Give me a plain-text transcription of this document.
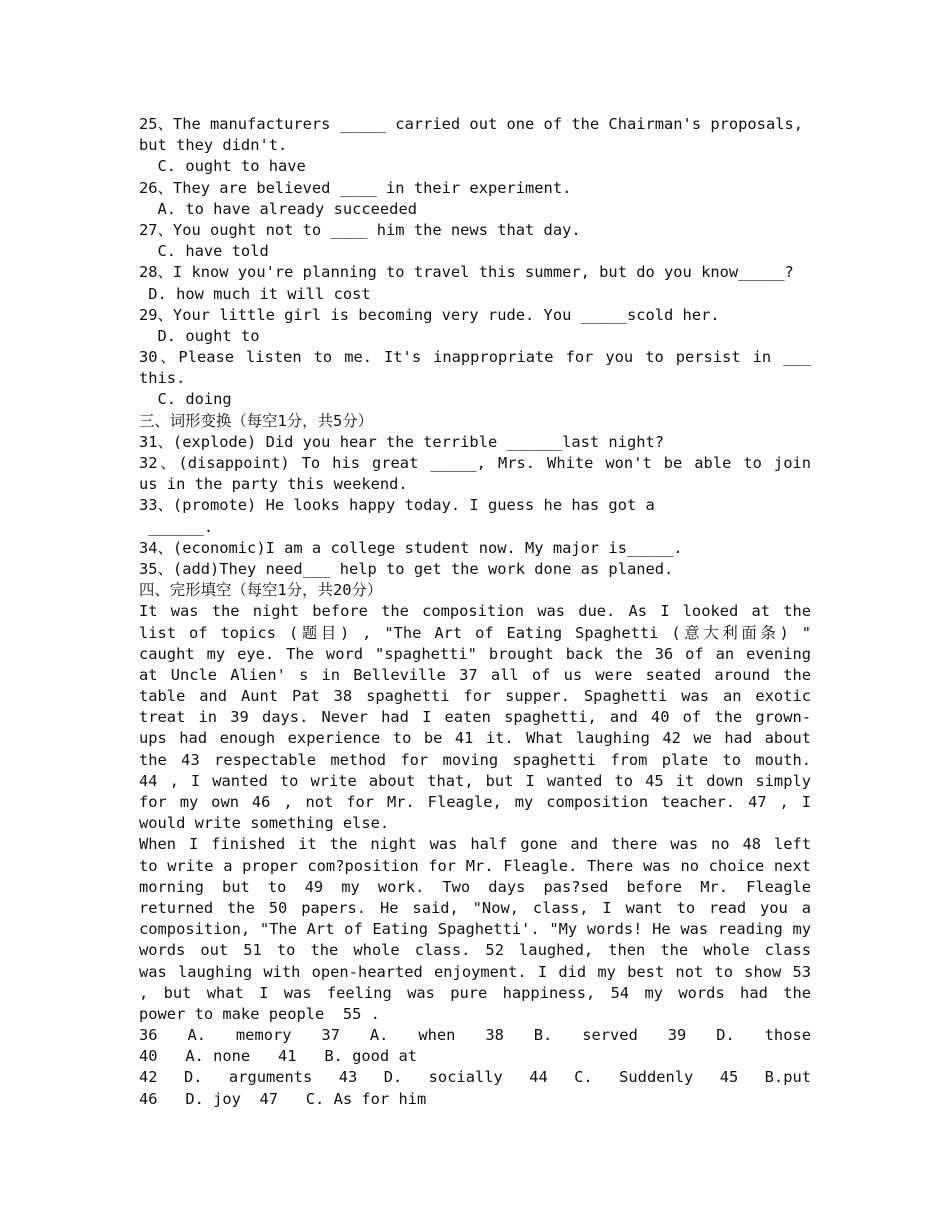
25、The manufacturers _____ carried out one of the Chairman's proposals,
but they didn't.
C. ought to have
26、They are believed ____ in their experiment.
A. to have already succeeded
27、You ought not to ____ him the news that day.
C. have told
28、I know you're planning to travel this summer, but do you know_____?
D. how much it will cost
29、Your little girl is becoming very rude. You _____scold her.
D. ought to
30、Please listen to me. It's inappropriate for you to persist in ___
this.
C. doing
三、词形变换（每空1分，共5分）
31、(explode) Did you hear the terrible ______last night?
32、(disappoint) To his great _____, Mrs. White won't be able to join
us in the party this weekend.
33、(promote) He looks happy today. I guess he has got a
______.
34、(economic)I am a college student now. My major is_____.
35、(add)They need___ help to get the work done as planed.
四、完形填空（每空1分，共20分）
It was the night before the composition was due. As I looked at the
list of topics (题目) , "The Art of Eating Spaghetti (意大利面条) "
caught my eye. The word "spaghetti" brought back the 36 of an evening
at Uncle Alien' s in Belleville 37 all of us were seated around the
table and Aunt Pat 38 spaghetti for supper. Spaghetti was an exotic
treat in 39 days. Never had I eaten spaghetti, and 40 of the grown-
ups had enough experience to be 41 it. What laughing 42 we had about
the 43 respectable method for moving spaghetti from plate to mouth.
44 , I wanted to write about that, but I wanted to 45 it down simply
for my own 46 , not for Mr. Fleagle, my composition teacher. 47 , I
would write something else.
When I finished it the night was half gone and there was no 48 left
to write a proper com?position for Mr. Fleagle. There was no choice next
morning but to 49 my work. Two days pas?sed before Mr. Fleagle
returned the 50 papers. He said, "Now, class, I want to read you a
composition, "The Art of Eating Spaghetti'. "My words! He was reading my
words out 51 to the whole class. 52 laughed, then the whole class
was laughing with open-hearted enjoyment. I did my best not to show 53
, but what I was feeling was pure happiness, 54 my words had the
power to make people  55 .
36 A. memory 37 A. when 38 B. served 39 D. those
40   A. none   41   B. good at
42 D. arguments 43 D. socially 44 C. Suddenly 45 B.put
46   D. joy  47   C. As for him
